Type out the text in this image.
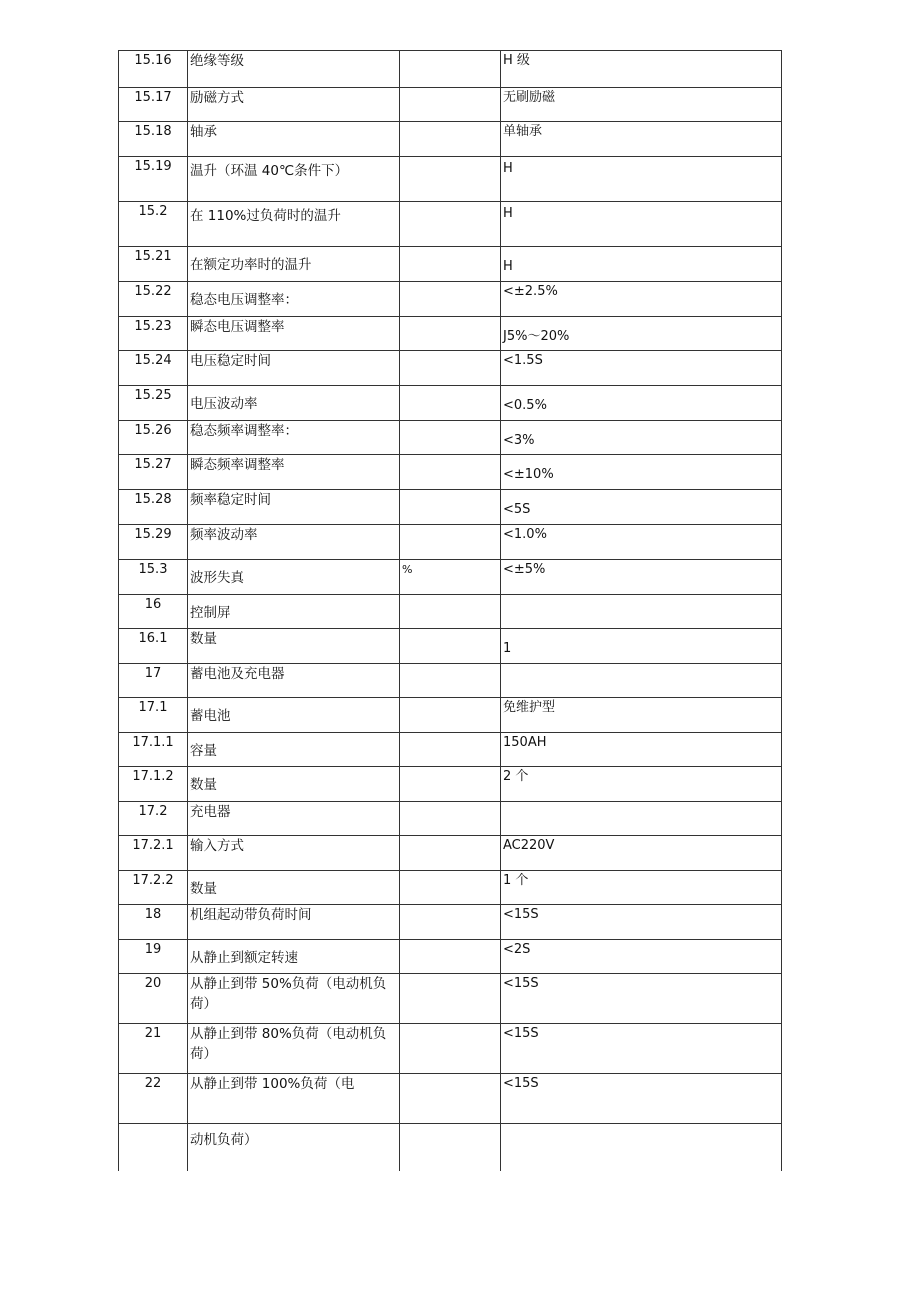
15.16	绝缘等级		H 级
15.17	励磁方式		无刷励磁
15.18	轴承		单轴承
15.19	温升（环温 40℃条件下）		H
15.2	在 110%过负荷时的温升		H
15.21	在额定功率时的温升		H
15.22	稳态电压调整率：		<±2.5%
15.23	瞬态电压调整率		J5%～20%
15.24	电压稳定时间		<1.5S
15.25	电压波动率		<0.5%
15.26	稳态频率调整率：		<3%
15.27	瞬态频率调整率		<±10%
15.28	频率稳定时间		<5S
15.29	频率波动率		<1.0%
15.3	波形失真	%	<±5%
16	控制屏		
16.1	数量		1
17	蓄电池及充电器		
17.1	蓄电池		免维护型
17.1.1	容量		150AH
17.1.2	数量		2 个
17.2	充电器		
17.2.1	输入方式		AC220V
17.2.2	数量		1 个
18	机组起动带负荷时间		<15S
19	从静止到额定转速		<2S
20	从静止到带 50%负荷（电动机负荷）		<15S
21	从静止到带 80%负荷（电动机负荷）		<15S
22	从静止到带 100%负荷（电		<15S
	动机负荷）		
